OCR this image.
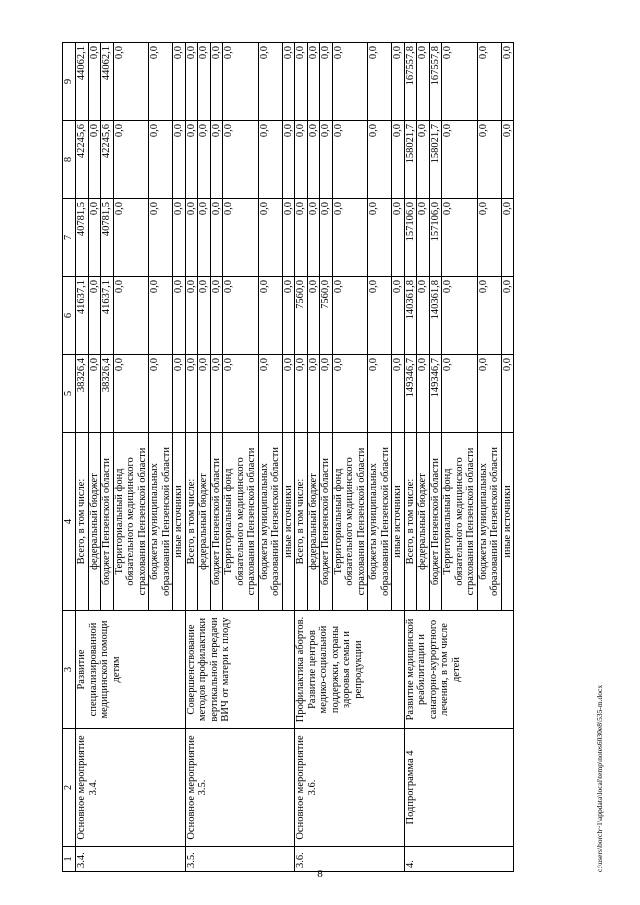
8
1	2	3	4	5	6	7	8	9
3.4.	Основное мероприятие 3.4.	Развитие специализированной медицинской помощи детям	Всего, в том числе:	38326,4	41637,1	40781,5	42245,6	44062,1
			федеральный бюджет	0,0	0,0	0,0	0,0	0,0
			бюджет Пензенской области	38326,4	41637,1	40781,5	42245,6	44062,1
			Территориальный фонд обязательного медицинского страхования Пензенской области	0,0	0,0	0,0	0,0	0,0
			бюджеты муниципальных образований Пензенской области	0,0	0,0	0,0	0,0	0,0
			иные источники	0,0	0,0	0,0	0,0	0,0
3.5.	Основное мероприятие 3.5.	Совершенствование методов профилактики вертикальной передачи ВИЧ от матери к плоду	Всего, в том числе:	0,0	0,0	0,0	0,0	0,0
			федеральный бюджет	0,0	0,0	0,0	0,0	0,0
			бюджет Пензенской области	0,0	0,0	0,0	0,0	0,0
			Территориальный фонд обязательного медицинского страхования Пензенской области	0,0	0,0	0,0	0,0	0,0
			бюджеты муниципальных образований Пензенской области	0,0	0,0	0,0	0,0	0,0
			иные источники	0,0	0,0	0,0	0,0	0,0
3.6.	Основное мероприятие 3.6.	Профилактика абортов. Развитие центров медико-социальной поддержки, охраны здоровья семьи и репродукции	Всего, в том числе:	0,0	7560,0	0,0	0,0	0,0
			федеральный бюджет	0,0	0,0	0,0	0,0	0,0
			бюджет Пензенской области	0,0	7560,0	0,0	0,0	0,0
			Территориальный фонд обязательного медицинского страхования Пензенской области	0,0	0,0	0,0	0,0	0,0
			бюджеты муниципальных образований Пензенской области	0,0	0,0	0,0	0,0	0,0
			иные источники	0,0	0,0	0,0	0,0	0,0
4.	Подпрограмма 4	Развитие медицинской реабилитации и санаторно-курортного лечения, в том числе детей	Всего, в том числе:	149346,7	140361,8	157106,0	158021,7	167557,8
			федеральный бюджет	0,0	0,0	0,0	0,0	0,0
			бюджет Пензенской области	149346,7	140361,8	157106,0	158021,7	167557,8
			Территориальный фонд обязательного медицинского страхования Пензенской области	0,0	0,0	0,0	0,0	0,0
			бюджеты муниципальных образований Пензенской области	0,0	0,0	0,0	0,0	0,0
			иные источники	0,0	0,0	0,0	0,0	0,0
c:\users\borch~1\appdata\local\temp\notes6030e8\535-m.docx
